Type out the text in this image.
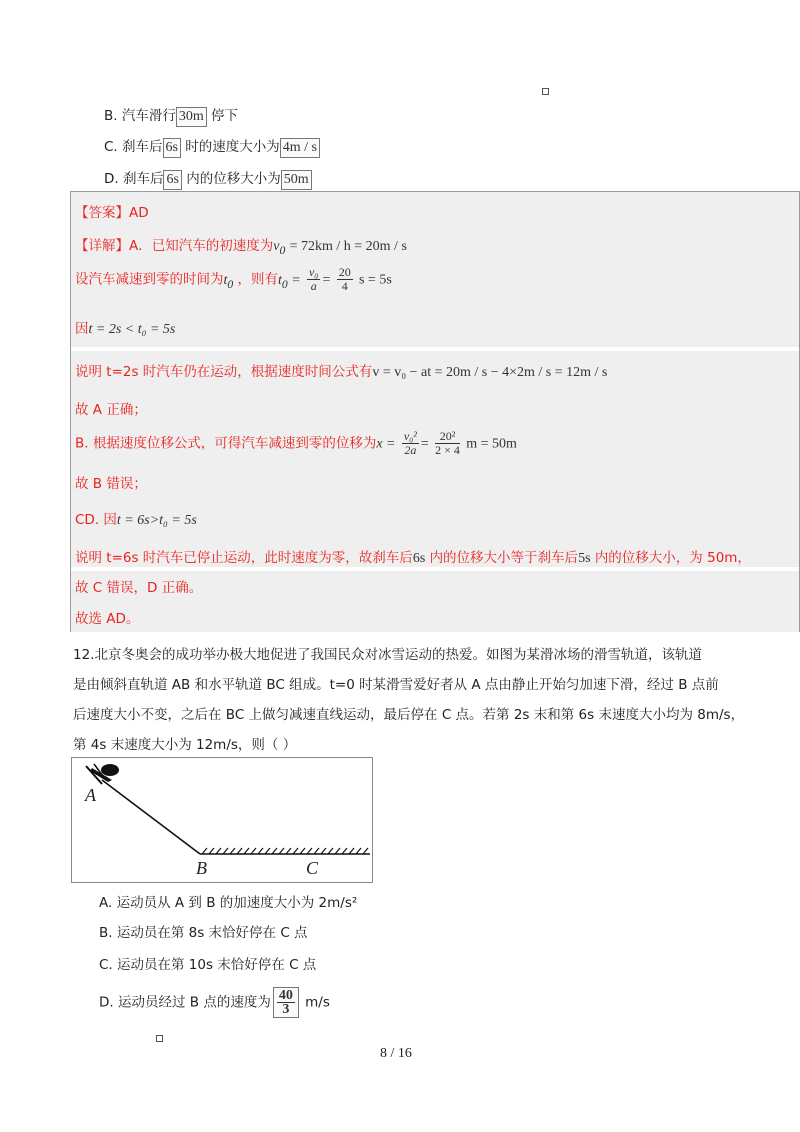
B. 汽车滑行 30m 停下
C. 刹车后 6s 时的速度大小为 4m / s
D. 刹车后 6s 内的位移大小为 50m
【答案】AD
【详解】A．已知汽车的初速度为$v_0 = 72km / h = 20m / s$
设汽车减速到零的时间为$t_0$ ，则有$t_0 = \frac{\text{v₀}}{a} = \frac{20}{4}$ s = 5s
因t = 2s < t₀ = 5s
说明 t=2s 时汽车仍在运动，根据速度时间公式有v = v₀ − at = 20m / s − 4×2m / s = 12m / s
故 A 正确；
B. 根据速度位移公式，可得汽车减速到零的位移为$x = \frac{\text{v₀²}}{2a} = \frac{\text{20²}}{2 \times 4}$ m = 50m
故 B 错误；
CD. 因t = 6s>t₀ = 5s
说明 t=6s 时汽车已停止运动，此时速度为零，故刹车后6s 内的位移大小等于刹车后5s 内的位移大小，为 50m，
故 C 错误，D 正确。
故选 AD。
12.北京冬奥会的成功举办极大地促进了我国民众对冰雪运动的热爱。如图为某滑冰场的滑雪轨道，该轨道
是由倾斜直轨道 AB 和水平轨道 BC 组成。t=0 时某滑雪爱好者从 A 点由静止开始匀加速下滑，经过 B 点前
后速度大小不变，之后在 BC 上做匀减速直线运动，最后停在 C 点。若第 2s 末和第 6s 末速度大小均为 8m/s，
第 4s 末速度大小为 12m/s，则（ ）
A
B	C
A. 运动员从 A 到 B 的加速度大小为 2m/s²
B. 运动员在第 8s 末恰好停在 C 点
C. 运动员在第 10s 末恰好停在 C 点
D. 运动员经过 B 点的速度为 $\frac{40}{3} m/s$
8 / 16
